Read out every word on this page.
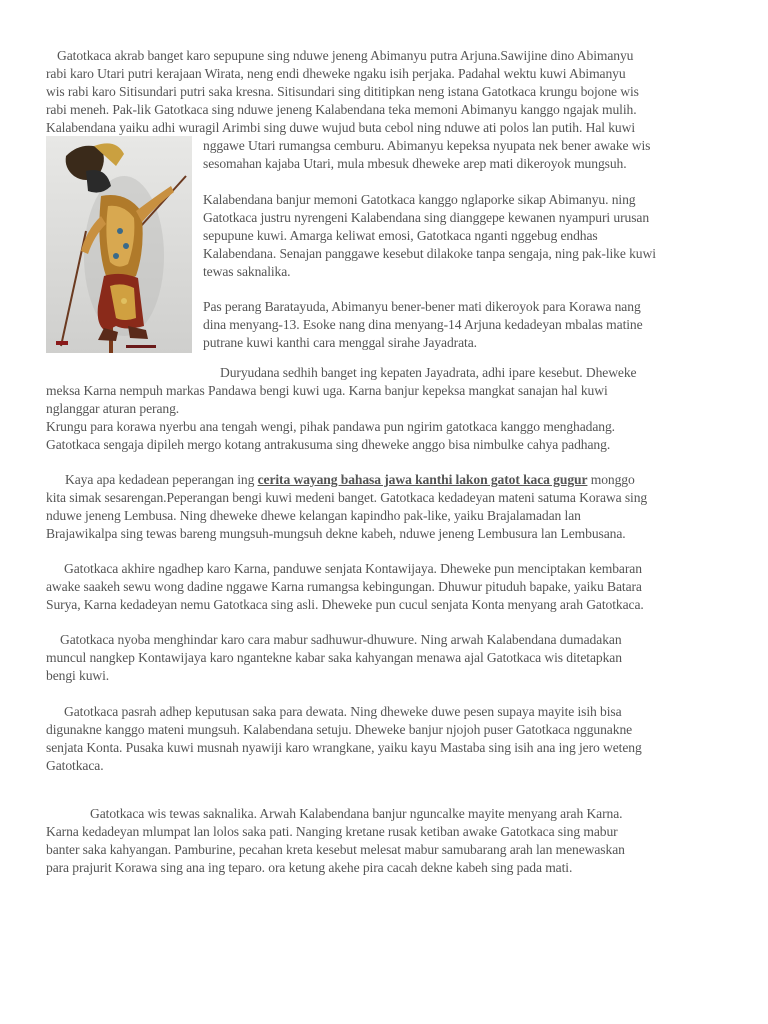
Gatotkaca akrab banget karo sepupune sing nduwe jeneng Abimanyu putra Arjuna.Sawijine dino Abimanyu
rabi karo Utari putri kerajaan Wirata, neng endi dheweke ngaku isih perjaka. Padahal wektu kuwi Abimanyu
wis rabi karo Sitisundari putri saka kresna. Sitisundari sing dititipkan neng istana Gatotkaca krungu bojone wis
rabi meneh. Pak-lik Gatotkaca sing nduwe jeneng Kalabendana teka memoni Abimanyu kanggo ngajak mulih.
Kalabendana yaiku adhi wuragil Arimbi sing duwe wujud buta cebol ning nduwe ati polos lan putih. Hal kuwi
nggawe Utari rumangsa cemburu. Abimanyu kepeksa nyupata nek bener awake wis
sesomahan kajaba Utari, mula mbesuk dheweke arep mati dikeroyok mungsuh.
Kalabendana banjur memoni Gatotkaca kanggo nglaporke sikap Abimanyu. ning
Gatotkaca justru nyrengeni Kalabendana sing dianggepe kewanen nyampuri urusan
sepupune kuwi. Amarga keliwat emosi, Gatotkaca nganti nggebug endhas
Kalabendana. Senajan panggawe kesebut dilakoke tanpa sengaja, ning pak-like kuwi
tewas saknalika.
Pas perang Baratayuda, Abimanyu bener-bener mati dikeroyok para Korawa nang
dina menyang-13. Esoke nang dina menyang-14 Arjuna kedadeyan mbalas matine
putrane kuwi kanthi cara menggal sirahe Jayadrata.
Duryudana sedhih banget ing kepaten Jayadrata, adhi ipare kesebut. Dheweke
meksa Karna nempuh markas Pandawa bengi kuwi uga. Karna banjur kepeksa mangkat sanajan hal kuwi
nglanggar aturan perang.
Krungu para korawa nyerbu ana tengah wengi, pihak pandawa pun ngirim gatotkaca kanggo menghadang.
Gatotkaca sengaja dipileh mergo kotang antrakusuma sing dheweke anggo bisa nimbulke cahya padhang.
Kaya apa kedadean peperangan ing cerita wayang bahasa jawa kanthi lakon gatot kaca gugur monggo
kita simak sesarengan.Peperangan bengi kuwi medeni banget. Gatotkaca kedadeyan mateni satuma Korawa sing
nduwe jeneng Lembusa. Ning dheweke dhewe kelangan kapindho pak-like, yaiku Brajalamadan lan
Brajawikalpa sing tewas bareng mungsuh-mungsuh dekne kabeh, nduwe jeneng Lembusura lan Lembusana.
Gatotkaca akhire ngadhep karo Karna, panduwe senjata Kontawijaya. Dheweke pun menciptakan kembaran
awake saakeh sewu wong dadine nggawe Karna rumangsa kebingungan. Dhuwur pituduh bapake, yaiku Batara
Surya, Karna kedadeyan nemu Gatotkaca sing asli. Dheweke pun cucul senjata Konta menyang arah Gatotkaca.
Gatotkaca nyoba menghindar karo cara mabur sadhuwur-dhuwure. Ning arwah Kalabendana dumadakan
muncul nangkep Kontawijaya karo ngantekne kabar saka kahyangan menawa ajal Gatotkaca wis ditetapkan
bengi kuwi.
Gatotkaca pasrah adhep keputusan saka para dewata. Ning dheweke duwe pesen supaya mayite isih bisa
digunakne kanggo mateni mungsuh. Kalabendana setuju. Dheweke banjur njojoh puser Gatotkaca nggunakne
senjata Konta. Pusaka kuwi musnah nyawiji karo wrangkane, yaiku kayu Mastaba sing isih ana ing jero weteng
Gatotkaca.
Gatotkaca wis tewas saknalika. Arwah Kalabendana banjur nguncalke mayite menyang arah Karna.
Karna kedadeyan mlumpat lan lolos saka pati. Nanging kretane rusak ketiban awake Gatotkaca sing mabur
banter saka kahyangan. Pamburine, pecahan kreta kesebut melesat mabur samubarang arah lan menewaskan
para prajurit Korawa sing ana ing teparo. ora ketung akehe pira cacah dekne kabeh sing pada mati.
